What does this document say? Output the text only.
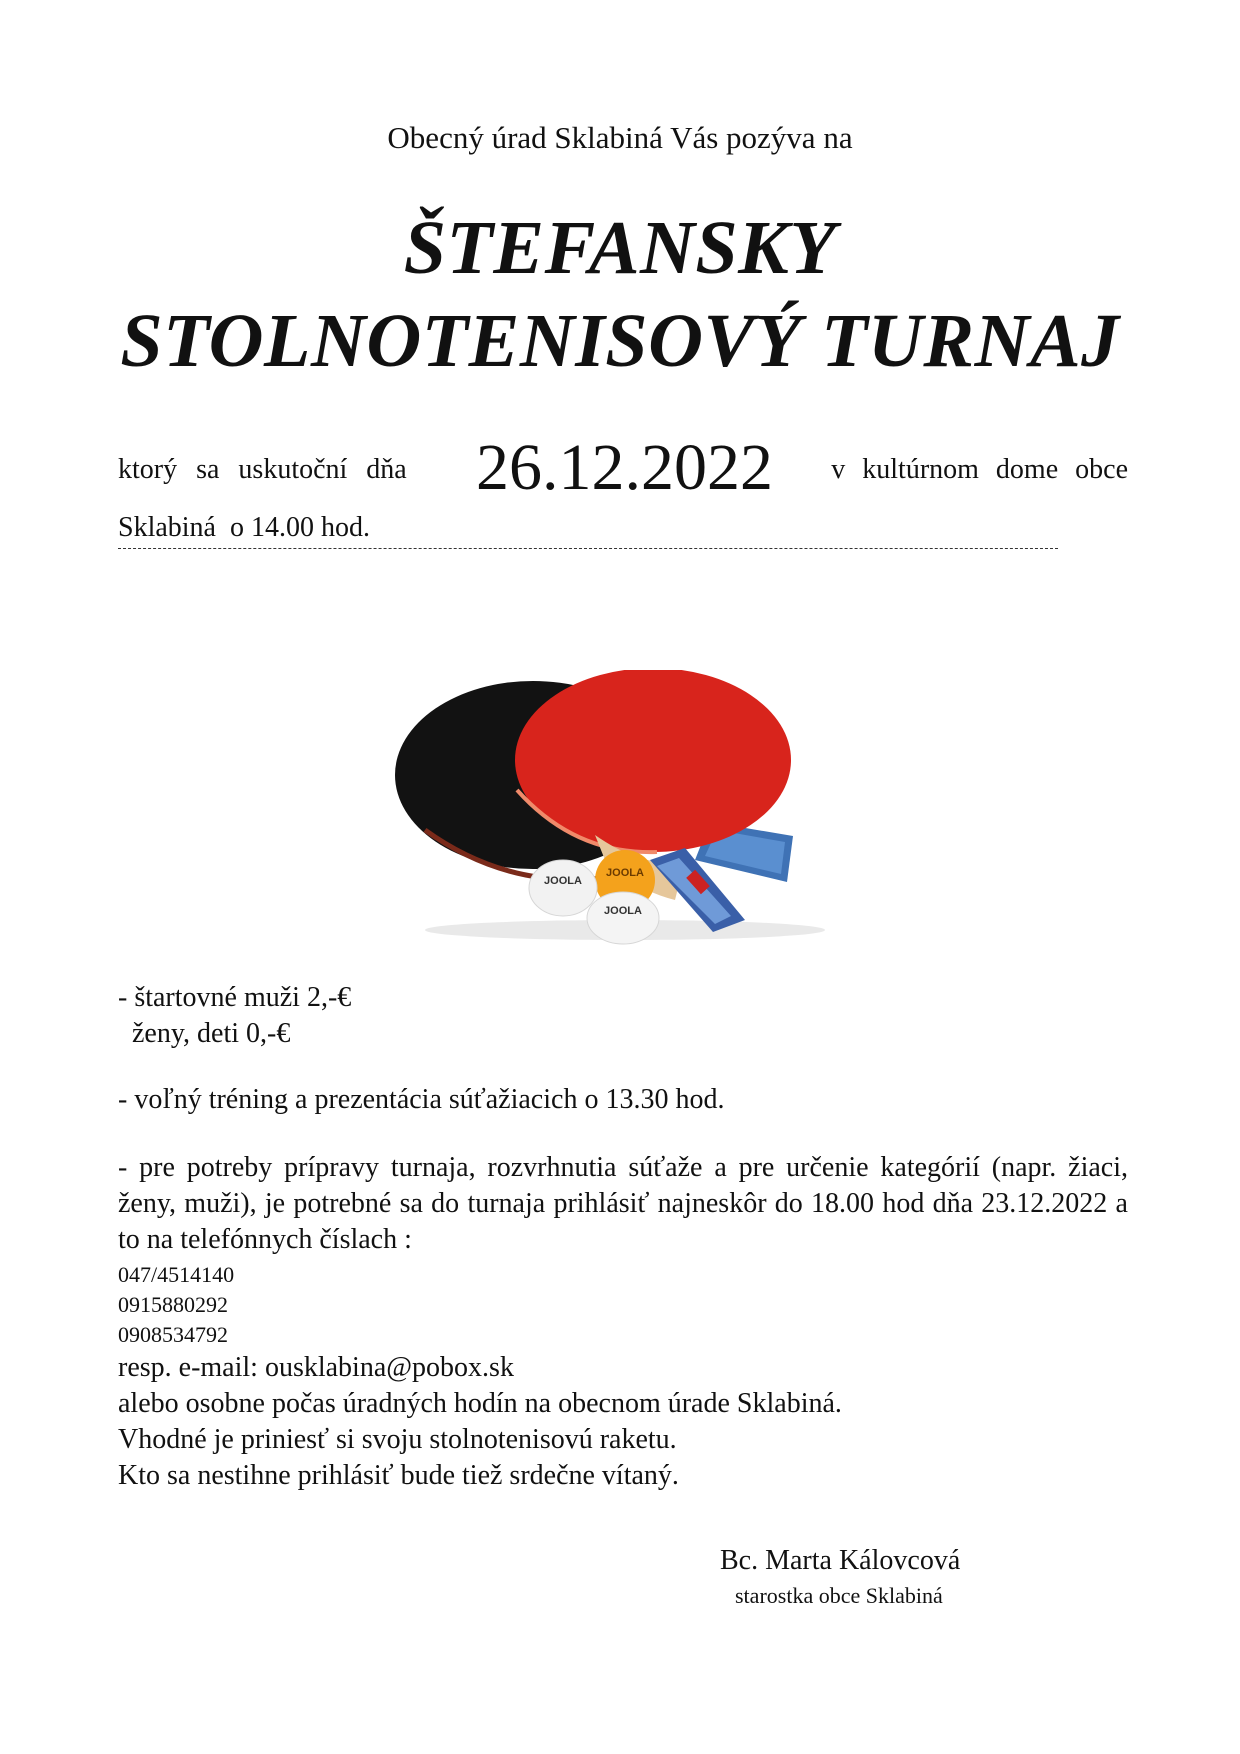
Obecný úrad Sklabiná Vás pozýva na
ŠTEFANSKY
STOLNOTENISOVÝ TURNAJ
ktorý sa uskutoční dňa 26.12.2022 v kultúrnom dome obce
Sklabiná  o 14.00 hod.
JOOLA
JOOLA
JOOLA
- štartovné muži 2,-€
ženy, deti 0,-€
- voľný tréning a prezentácia súťažiacich o 13.30 hod.
- pre potreby prípravy turnaja, rozvrhnutia súťaže a pre určenie kategórií (napr. žiaci, ženy, muži), je potrebné sa do turnaja prihlásiť najneskôr do 18.00 hod dňa 23.12.2022 a to na telefónnych číslach :
047/4514140
0915880292
0908534792
resp. e-mail: ousklabina@pobox.sk
alebo osobne počas úradných hodín na obecnom úrade Sklabiná.
Vhodné je priniesť si svoju stolnotenisovú raketu.
Kto sa nestihne prihlásiť bude tiež srdečne vítaný.
Bc. Marta Kálovcová
starostka obce Sklabiná
